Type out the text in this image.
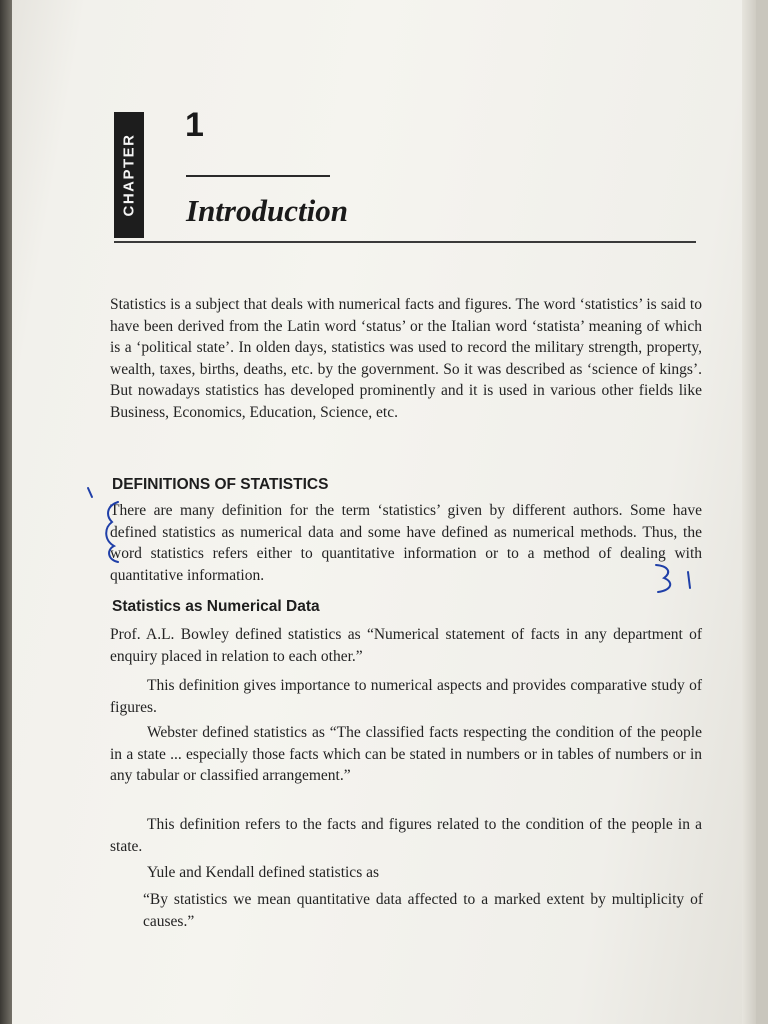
CHAPTER
1
Introduction
Statistics is a subject that deals with numerical facts and figures. The word ‘statistics’ is said to have been derived from the Latin word ‘status’ or the Italian word ‘statista’ meaning of which is a ‘political state’. In olden days, statistics was used to record the military strength, property, wealth, taxes, births, deaths, etc. by the government. So it was described as ‘science of kings’. But nowadays statistics has developed prominently and it is used in various other fields like Business, Economics, Education, Science, etc.
DEFINITIONS OF STATISTICS
There are many definition for the term ‘statistics’ given by different authors. Some have defined statistics as numerical data and some have defined as numerical methods. Thus, the word statistics refers either to quantitative information or to a method of dealing with quantitative information.
Statistics as Numerical Data
Prof. A.L. Bowley defined statistics as “Numerical statement of facts in any department of enquiry placed in relation to each other.”
This definition gives importance to numerical aspects and provides comparative study of figures.
Webster defined statistics as “The classified facts respecting the condition of the people in a state ... especially those facts which can be stated in numbers or in tables of numbers or in any tabular or classified arrangement.”
This definition refers to the facts and figures related to the condition of the people in a state.
Yule and Kendall defined statistics as
“By statistics we mean quantitative data affected to a marked extent by multiplicity of causes.”
